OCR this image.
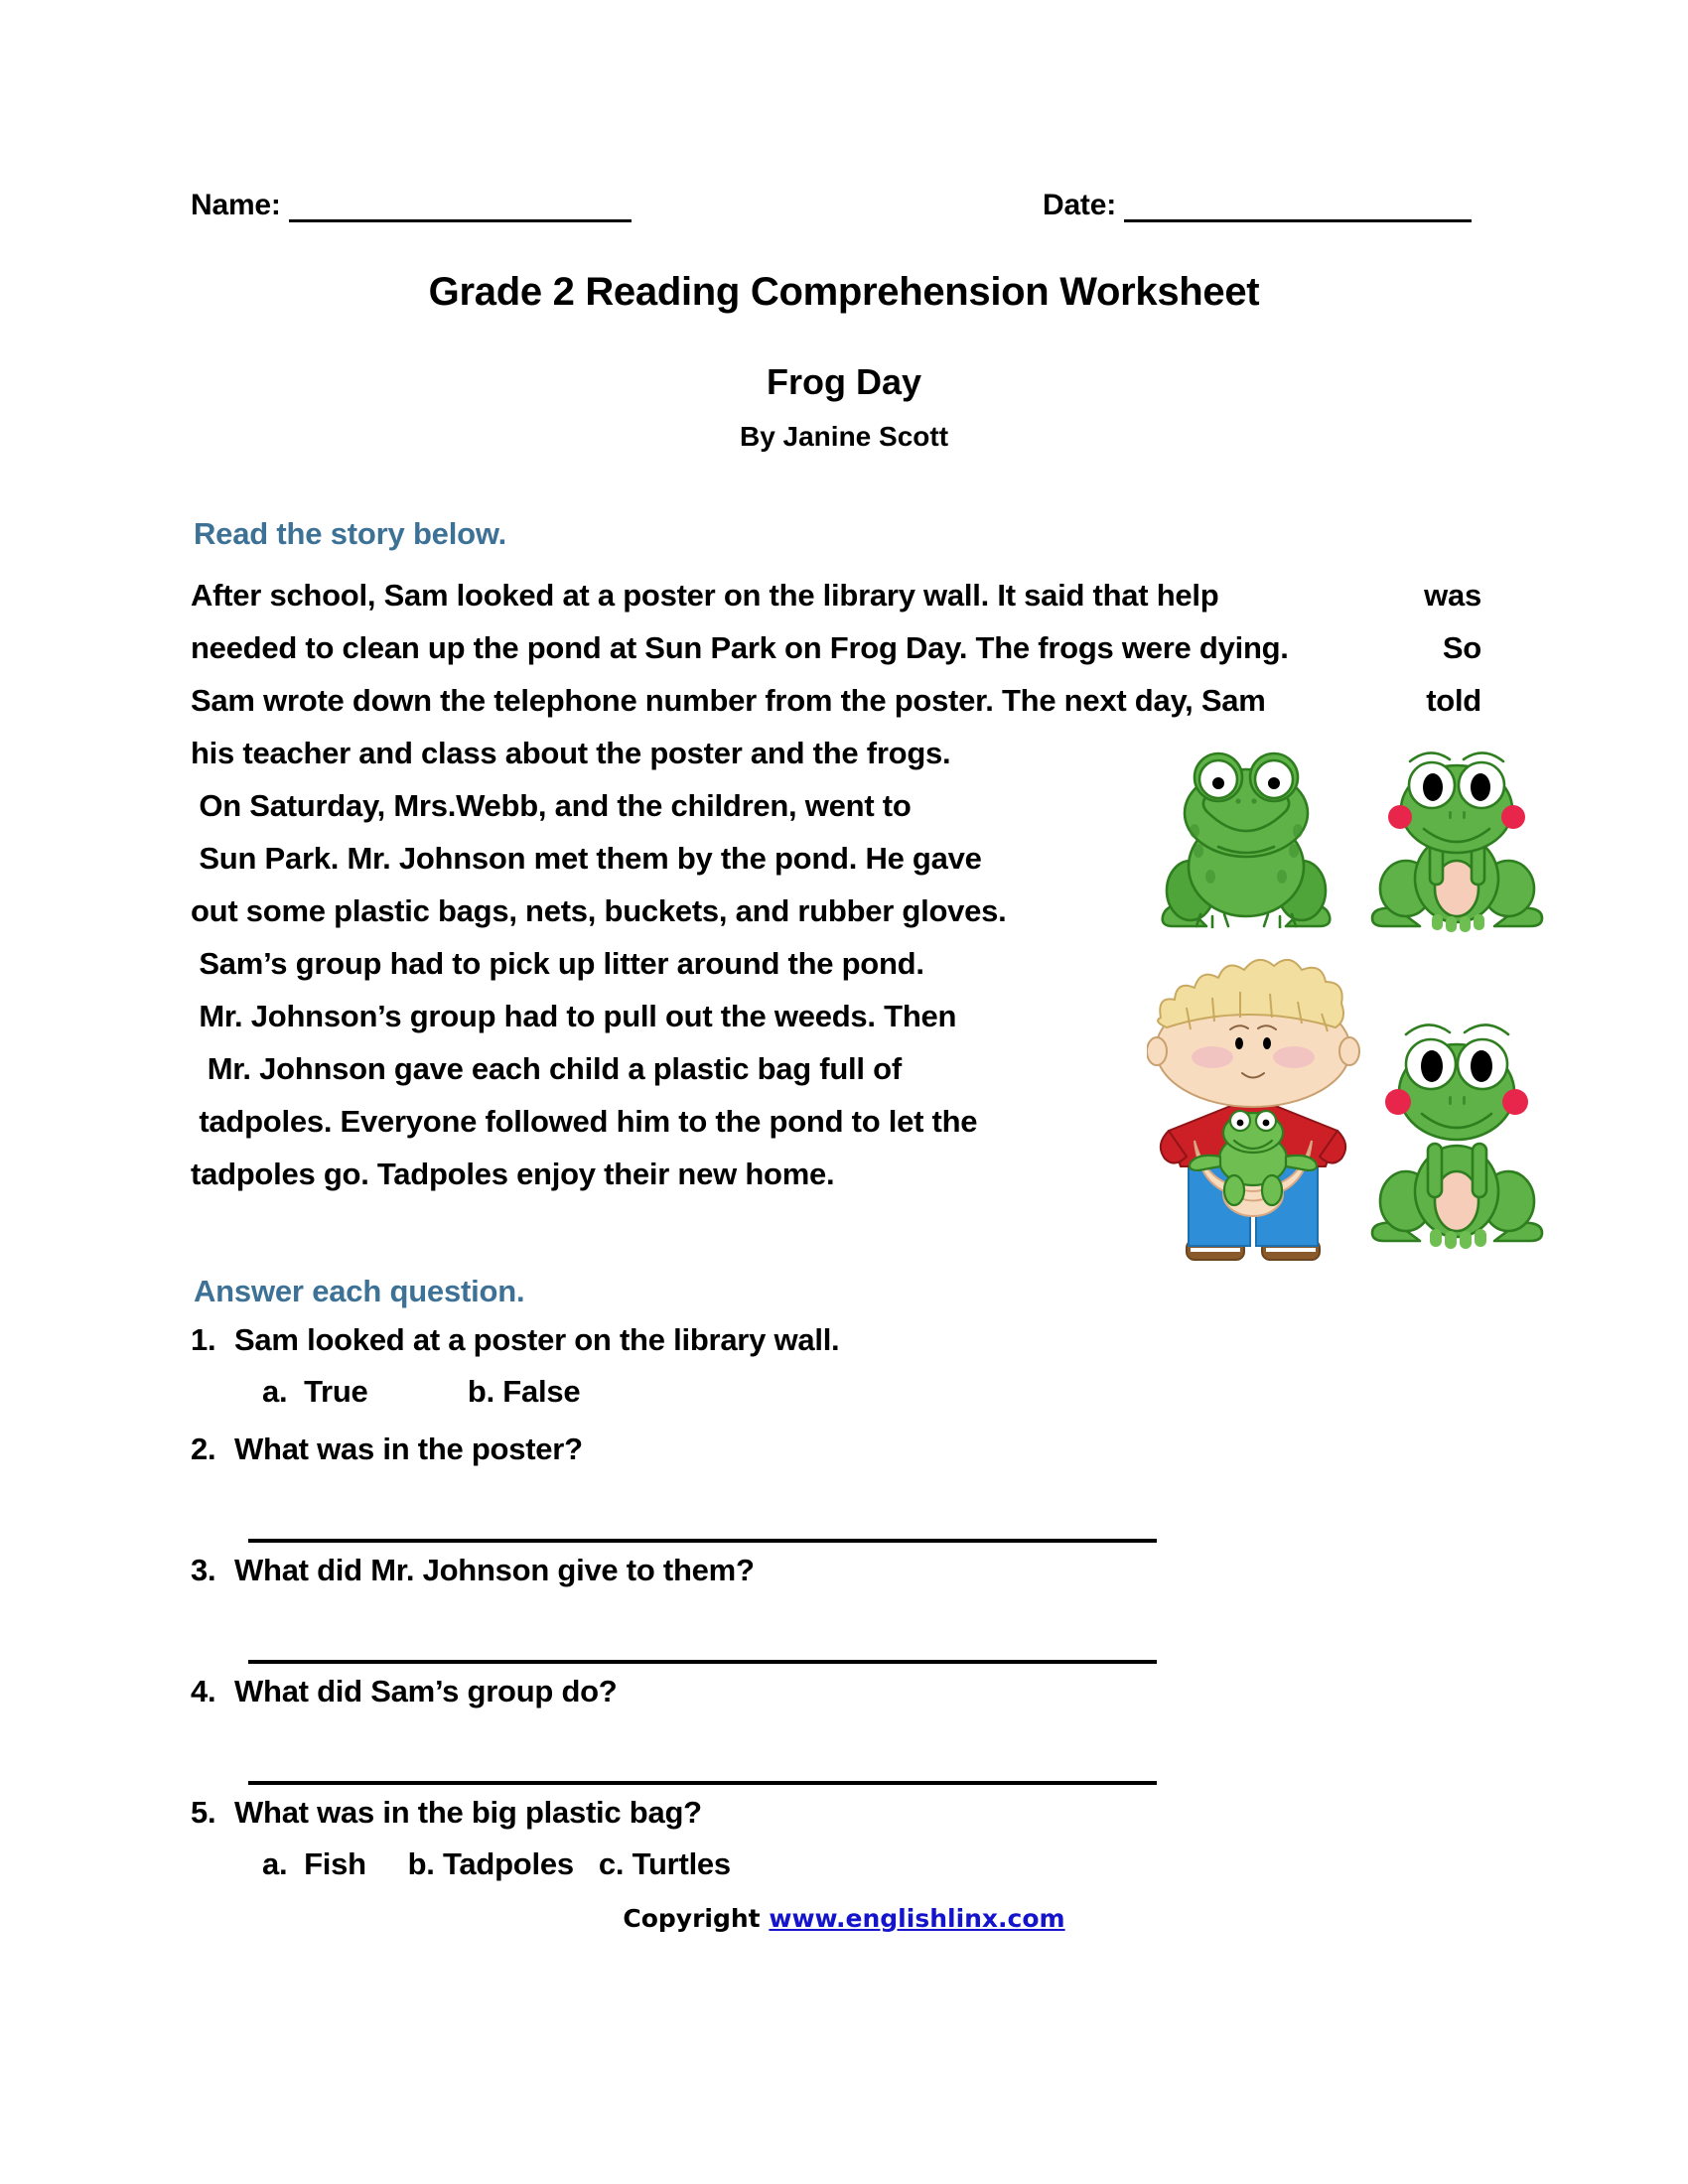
Name:	Date:
Grade 2 Reading Comprehension Worksheet
Frog Day
By Janine Scott
Read the story below.
After school, Sam looked at a poster on the library wall. It said that help	was
needed to clean up the pond at Sun Park on Frog Day. The frogs were dying.	So
Sam wrote down the telephone number from the poster. The next day, Sam	told
his teacher and class about the poster and the frogs.
On Saturday, Mrs.Webb, and the children, went to
Sun Park. Mr. Johnson met them by the pond. He gave
out some plastic bags, nets, buckets, and rubber gloves.
Sam’s group had to pick up litter around the pond.
Mr. Johnson’s group had to pull out the weeds. Then
Mr. Johnson gave each child a plastic bag full of
tadpoles. Everyone followed him to the pond to let the
tadpoles go. Tadpoles enjoy their new home.
Answer each question.
1. Sam looked at a poster on the library wall.
a.  True            b. False
2. What was in the poster?
3. What did Mr. Johnson give to them?
4. What did Sam’s group do?
5. What was in the big plastic bag?
a.  Fish     b. Tadpoles   c. Turtles
Copyright www.englishlinx.com
